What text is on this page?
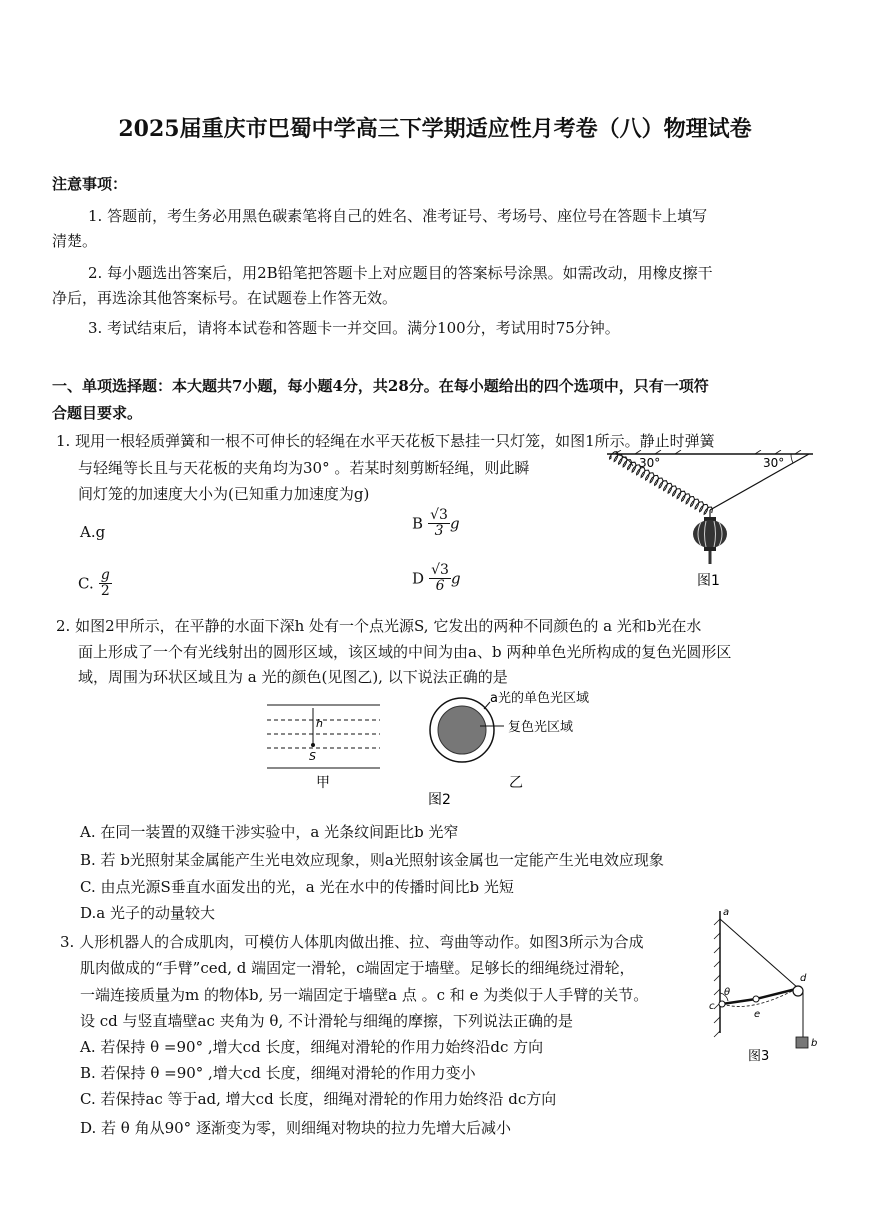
2025届重庆市巴蜀中学高三下学期适应性月考卷（八）物理试卷
注意事项：
1. 答题前，考生务必用黑色碳素笔将自己的姓名、准考证号、考场号、座位号在答题卡上填写
清楚。
2. 每小题选出答案后，用2B铅笔把答题卡上对应题目的答案标号涂黑。如需改动，用橡皮擦干
净后，再选涂其他答案标号。在试题卷上作答无效。
3. 考试结束后，请将本试卷和答题卡一并交回。满分100分，考试用时75分钟。
一、单项选择题：本大题共7小题，每小题4分，共28分。在每小题给出的四个选项中，只有一项符
合题目要求。
1. 现用一根轻质弹簧和一根不可伸长的轻绳在水平天花板下悬挂一只灯笼，如图1所示。静止时弹簧
与轻绳等长且与天花板的夹角均为30° 。若某时刻剪断轻绳，则此瞬
间灯笼的加速度大小为(已知重力加速度为g)
A.g	B $\frac{√3}{3}$ g
C. $\frac{g}{2}$	D $\frac{√3}{6}$ g
30°	30°
图1
2. 如图2甲所示，在平静的水面下深h 处有一个点光源S, 它发出的两种不同颜色的 a 光和b光在水
面上形成了一个有光线射出的圆形区域，该区域的中间为由a、b 两种单色光所构成的复色光圆形区
域，周围为环状区域且为 a 光的颜色(见图乙), 以下说法正确的是
h
S
甲
a光的单色光区域
复色光区域
乙
图2
A. 在同一装置的双缝干涉实验中，a 光条纹间距比b 光窄
B. 若 b光照射某金属能产生光电效应现象，则a光照射该金属也一定能产生光电效应现象
C. 由点光源S垂直水面发出的光，a 光在水中的传播时间比b 光短
D.a 光子的动量较大
3. 人形机器人的合成肌肉，可模仿人体肌肉做出推、拉、弯曲等动作。如图3所示为合成
肌肉做成的“手臂”ced, d 端固定一滑轮，c端固定于墙壁。足够长的细绳绕过滑轮，
一端连接质量为m 的物体b, 另一端固定于墙壁a 点 。c 和 e 为类似于人手臂的关节。
设 cd 与竖直墙壁ac 夹角为 θ, 不计滑轮与细绳的摩擦，下列说法正确的是
A. 若保持 θ =90° ,增大cd 长度，细绳对滑轮的作用力始终沿dc 方向
B. 若保持 θ =90° ,增大cd 长度，细绳对滑轮的作用力变小
C. 若保持ac 等于ad, 增大cd 长度，细绳对滑轮的作用力始终沿 dc方向
D. 若 θ 角从90° 逐渐变为零，则细绳对物块的拉力先增大后减小
a
c
e
d
b
θ
图3
